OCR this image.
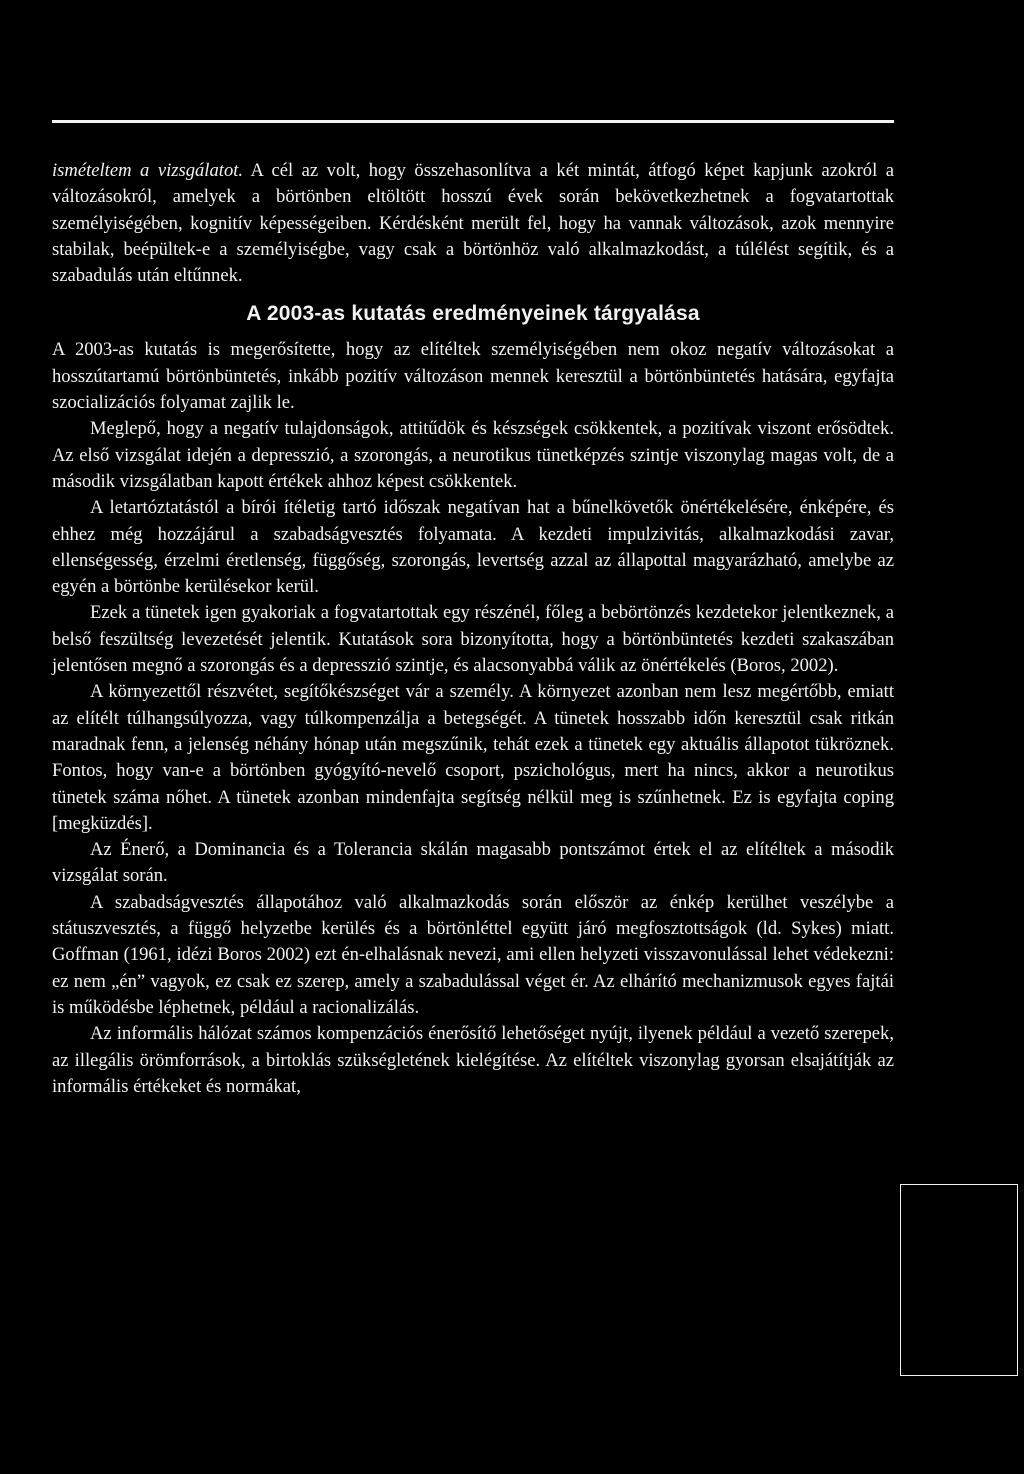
ismételtem a vizsgálatot. A cél az volt, hogy összehasonlítva a két mintát, átfogó képet kapjunk azokról a változásokról, amelyek a börtönben eltöltött hosszú évek során bekövetkezhetnek a fogvatartottak személyiségében, kognitív képességeiben. Kérdésként merült fel, hogy ha vannak változások, azok mennyire stabilak, beépültek-e a személyiségbe, vagy csak a börtönhöz való alkalmazkodást, a túlélést segítik, és a szabadulás után eltűnnek.

A 2003-as kutatás eredményeinek tárgyalása

A 2003-as kutatás is megerősítette, hogy az elítéltek személyiségében nem okoz negatív változásokat a hosszútartamú börtönbüntetés, inkább pozitív változáson mennek keresztül a börtönbüntetés hatására, egyfajta szocializációs folyamat zajlik le.

Meglepő, hogy a negatív tulajdonságok, attitűdök és készségek csökkentek, a pozitívak viszont erősödtek. Az első vizsgálat idején a depresszió, a szorongás, a neurotikus tünetképzés szintje viszonylag magas volt, de a második vizsgálatban kapott értékek ahhoz képest csökkentek.

A letartóztatástól a bírói ítéletig tartó időszak negatívan hat a bűnelkövetők önértékelésére, énképére, és ehhez még hozzájárul a szabadságvesztés folyamata. A kezdeti impulzivitás, alkalmazkodási zavar, ellenségesség, érzelmi éretlenség, függőség, szorongás, levertség azzal az állapottal magyarázható, amelybe az egyén a börtönbe kerülésekor kerül.

Ezek a tünetek igen gyakoriak a fogvatartottak egy részénél, főleg a bebörtönzés kezdetekor jelentkeznek, a belső feszültség levezetését jelentik. Kutatások sora bizonyította, hogy a börtönbüntetés kezdeti szakaszában jelentősen megnő a szorongás és a depresszió szintje, és alacsonyabbá válik az önértékelés (Boros, 2002).

A környezettől részvétet, segítőkészséget vár a személy. A környezet azonban nem lesz megértőbb, emiatt az elítélt túlhangsúlyozza, vagy túlkompenzálja a betegségét. A tünetek hosszabb időn keresztül csak ritkán maradnak fenn, a jelenség néhány hónap után megszűnik, tehát ezek a tünetek egy aktuális állapotot tükröznek. Fontos, hogy van-e a börtönben gyógyító-nevelő csoport, pszichológus, mert ha nincs, akkor a neurotikus tünetek száma nőhet. A tünetek azonban mindenfajta segítség nélkül meg is szűnhetnek. Ez is egyfajta coping [megküzdés].

Az Énerő, a Dominancia és a Tolerancia skálán magasabb pontszámot értek el az elítéltek a második vizsgálat során.

A szabadságvesztés állapotához való alkalmazkodás során először az énkép kerülhet veszélybe a státuszvesztés, a függő helyzetbe kerülés és a börtönléttel együtt járó megfosztottságok (ld. Sykes) miatt. Goffman (1961, idézi Boros 2002) ezt én-elhalásnak nevezi, ami ellen helyzeti visszavonulással lehet védekezni: ez nem „én” vagyok, ez csak ez szerep, amely a szabadulással véget ér. Az elhárító mechanizmusok egyes fajtái is működésbe léphetnek, például a racionalizálás.

Az informális hálózat számos kompenzációs énerősítő lehetőséget nyújt, ilyenek például a vezető szerepek, az illegális örömforrások, a birtoklás szükségletének kielégítése. Az elítéltek viszonylag gyorsan elsajátítják az informális értékeket és normákat,
